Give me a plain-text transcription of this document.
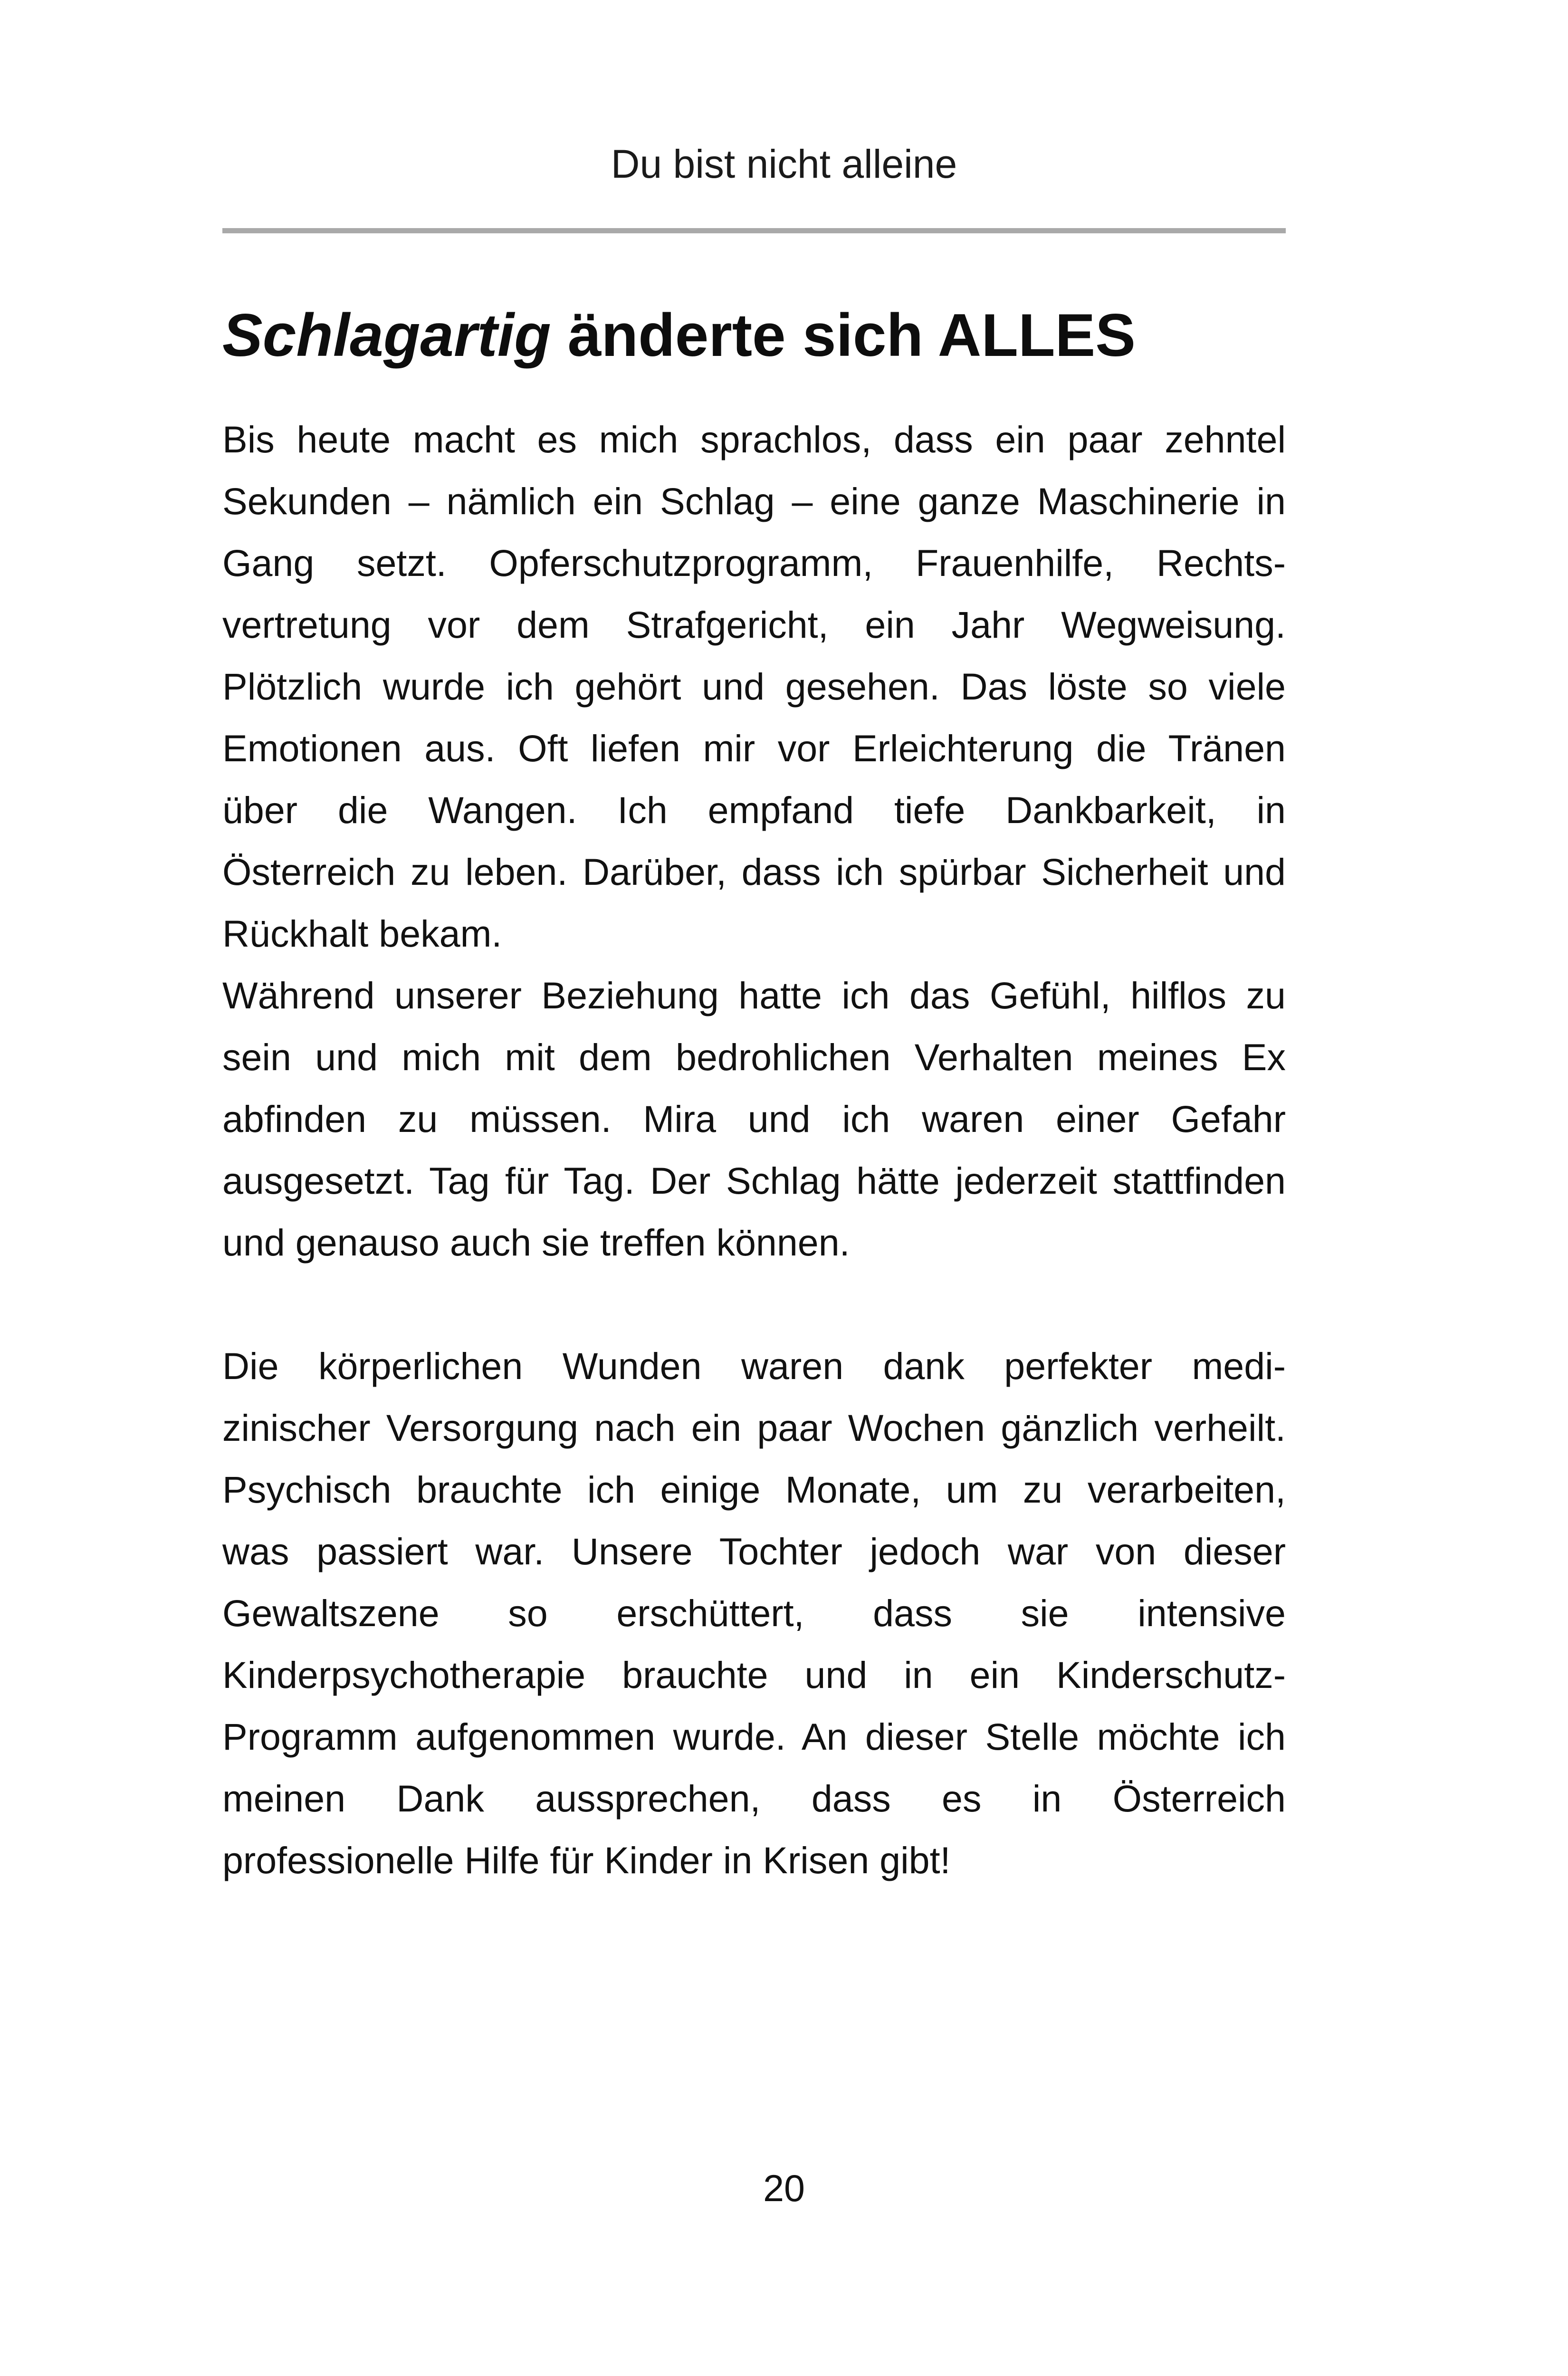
Du bist nicht alleine
Schlagartig änderte sich ALLES
Bis heute macht es mich sprachlos, dass ein paar zehntel
Sekunden – nämlich ein Schlag – eine ganze Maschinerie in
Gang setzt. Opferschutzprogramm, Frauenhilfe, Rechts-
vertretung vor dem Strafgericht, ein Jahr Wegweisung.
Plötzlich wurde ich gehört und gesehen. Das löste so viele
Emotionen aus. Oft liefen mir vor Erleichterung die Tränen
über die Wangen. Ich empfand tiefe Dankbarkeit, in
Österreich zu leben. Darüber, dass ich spürbar Sicherheit und
Rückhalt bekam.
Während unserer Beziehung hatte ich das Gefühl, hilflos zu
sein und mich mit dem bedrohlichen Verhalten meines Ex
abfinden zu müssen. Mira und ich waren einer Gefahr
ausgesetzt. Tag für Tag. Der Schlag hätte jederzeit stattfinden
und genauso auch sie treffen können.
Die körperlichen Wunden waren dank perfekter medi-
zinischer Versorgung nach ein paar Wochen gänzlich verheilt.
Psychisch brauchte ich einige Monate, um zu verarbeiten,
was passiert war. Unsere Tochter jedoch war von dieser
Gewaltszene so erschüttert, dass sie intensive
Kinderpsychotherapie brauchte und in ein Kinderschutz-
Programm aufgenommen wurde. An dieser Stelle möchte ich
meinen Dank aussprechen, dass es in Österreich
professionelle Hilfe für Kinder in Krisen gibt!
20
